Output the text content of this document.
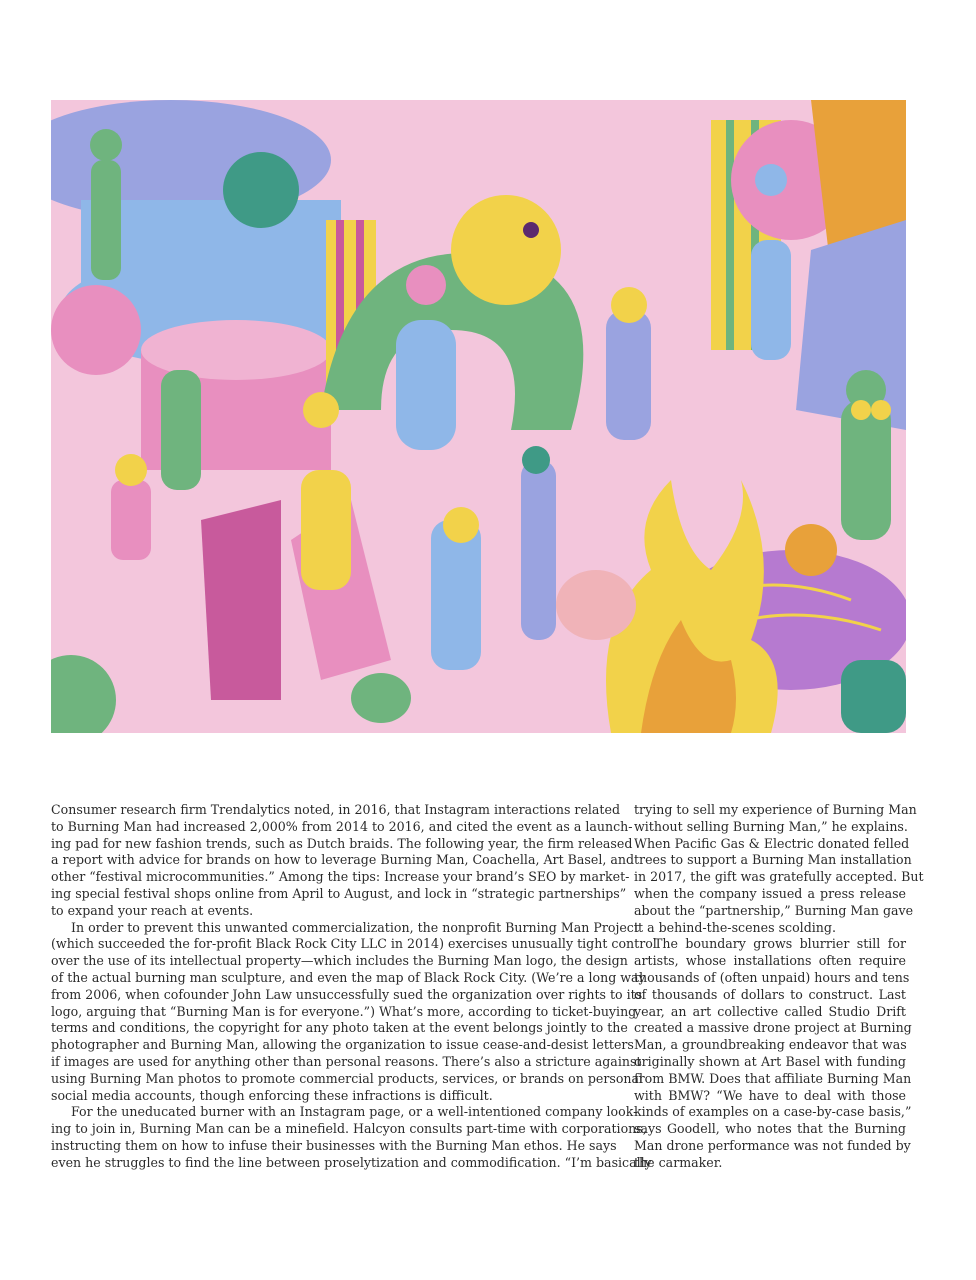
Consumer research firm Trendalytics noted, in 2016, that Instagram interactions related
to Burning Man had increased 2,000% from 2014 to 2016, and cited the event as a launch-
ing pad for new fashion trends, such as Dutch braids. The following year, the firm released
a report with advice for brands on how to leverage Burning Man, Coachella, Art Basel, and
other “festival microcommunities.” Among the tips: Increase your brand’s SEO by market-
ing special festival shops online from April to August, and lock in “strategic partnerships”
to expand your reach at events.
In order to prevent this unwanted commercialization, the nonprofit Burning Man Project
(which succeeded the for-profit Black Rock City LLC in 2014) exercises unusually tight control
over the use of its intellectual property—which includes the Burning Man logo, the design
of the actual burning man sculpture, and even the map of Black Rock City. (We’re a long way
from 2006, when cofounder John Law unsuccessfully sued the organization over rights to its
logo, arguing that “Burning Man is for everyone.”) What’s more, according to ticket-buying
terms and conditions, the copyright for any photo taken at the event belongs jointly to the
photographer and Burning Man, allowing the organization to issue cease-and-desist letters
if images are used for anything other than personal reasons. There’s also a stricture against
using Burning Man photos to promote commercial products, services, or brands on personal
social media accounts, though enforcing these infractions is difficult.
For the uneducated burner with an Instagram page, or a well-intentioned company look-
ing to join in, Burning Man can be a minefield. Halcyon consults part-time with corporations,
instructing them on how to infuse their businesses with the Burning Man ethos. He says
even he struggles to find the line between proselytization and commodification. “I’m basically
trying to sell my experience of Burning Man
without selling Burning Man,” he explains.
When Pacific Gas & Electric donated felled
trees to support a Burning Man installation
in 2017, the gift was gratefully accepted. But
when the company issued a press release
about the “partnership,” Burning Man gave
it a behind-the-scenes scolding.
The boundary grows blurrier still for
artists, whose installations often require
thousands of (often unpaid) hours and tens
of thousands of dollars to construct. Last
year, an art collective called Studio Drift
created a massive drone project at Burning
Man, a groundbreaking endeavor that was
originally shown at Art Basel with funding
from BMW. Does that affiliate Burning Man
with BMW? “We have to deal with those
kinds of examples on a case-by-case basis,”
says Goodell, who notes that the Burning
Man drone performance was not funded by
the carmaker.
